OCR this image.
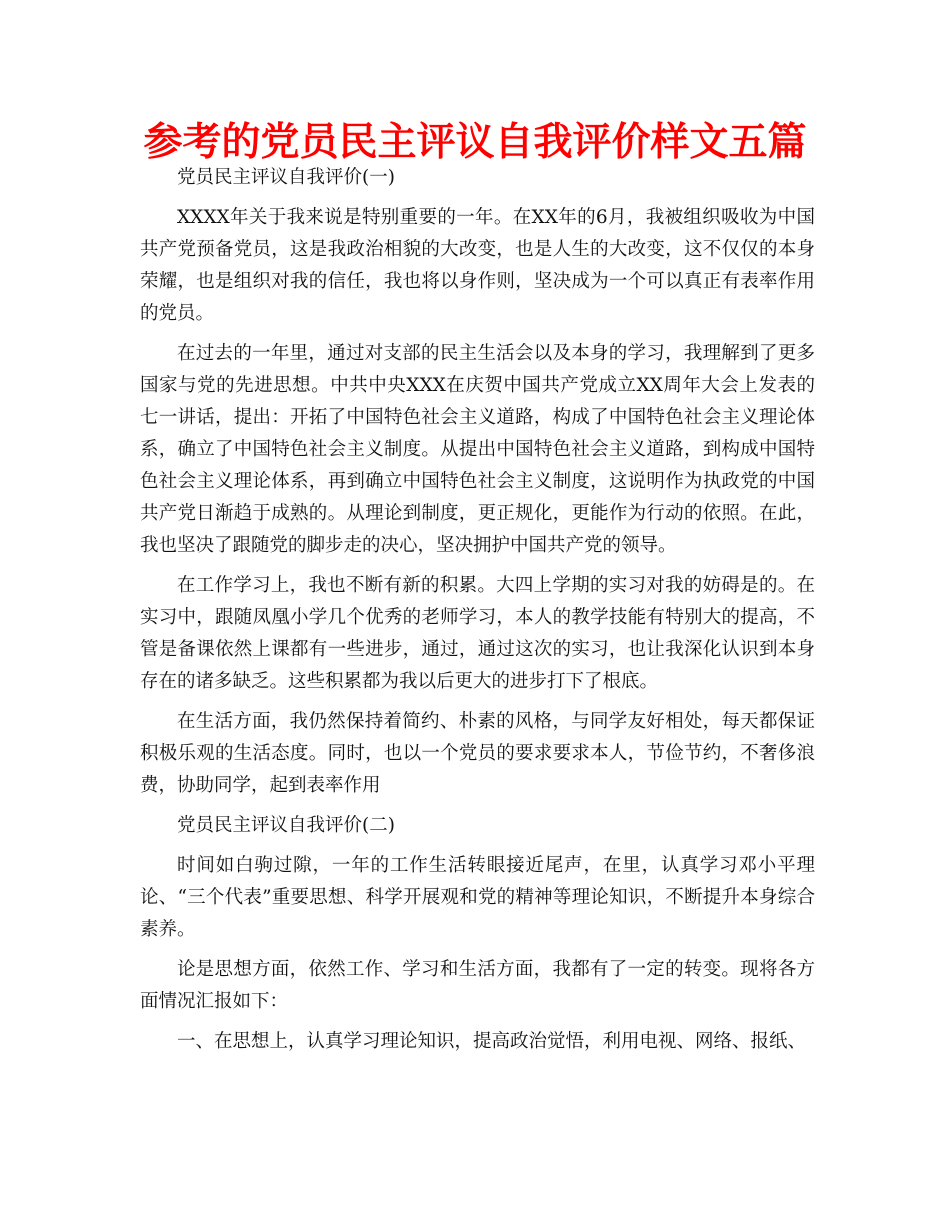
参考的党员民主评议自我评价样文五篇

党员民主评议自我评价(一)

XXXX年关于我来说是特别重要的一年。在XX年的6月，我被组织吸收为中国共产党预备党员，这是我政治相貌的大改变，也是人生的大改变，这不仅仅的本身荣耀，也是组织对我的信任，我也将以身作则，坚决成为一个可以真正有表率作用的党员。

在过去的一年里，通过对支部的民主生活会以及本身的学习，我理解到了更多国家与党的先进思想。中共中央XXX在庆贺中国共产党成立XX周年大会上发表的七一讲话，提出：开拓了中国特色社会主义道路，构成了中国特色社会主义理论体系，确立了中国特色社会主义制度。从提出中国特色社会主义道路，到构成中国特色社会主义理论体系，再到确立中国特色社会主义制度，这说明作为执政党的中国共产党日渐趋于成熟的。从理论到制度，更正规化，更能作为行动的依照。在此，我也坚决了跟随党的脚步走的决心，坚决拥护中国共产党的领导。

在工作学习上，我也不断有新的积累。大四上学期的实习对我的妨碍是的。在实习中，跟随凤凰小学几个优秀的老师学习，本人的教学技能有特别大的提高，不管是备课依然上课都有一些进步，通过，通过这次的实习，也让我深化认识到本身存在的诸多缺乏。这些积累都为我以后更大的进步打下了根底。

在生活方面，我仍然保持着简约、朴素的风格，与同学友好相处，每天都保证积极乐观的生活态度。同时，也以一个党员的要求要求本人，节俭节约，不奢侈浪费，协助同学，起到表率作用

党员民主评议自我评价(二)

时间如白驹过隙，一年的工作生活转眼接近尾声，在里，认真学习邓小平理论、“三个代表”重要思想、科学开展观和党的精神等理论知识，不断提升本身综合素养。

论是思想方面，依然工作、学习和生活方面，我都有了一定的转变。现将各方面情况汇报如下：

一、在思想上，认真学习理论知识，提高政治觉悟，利用电视、网络、报纸、
